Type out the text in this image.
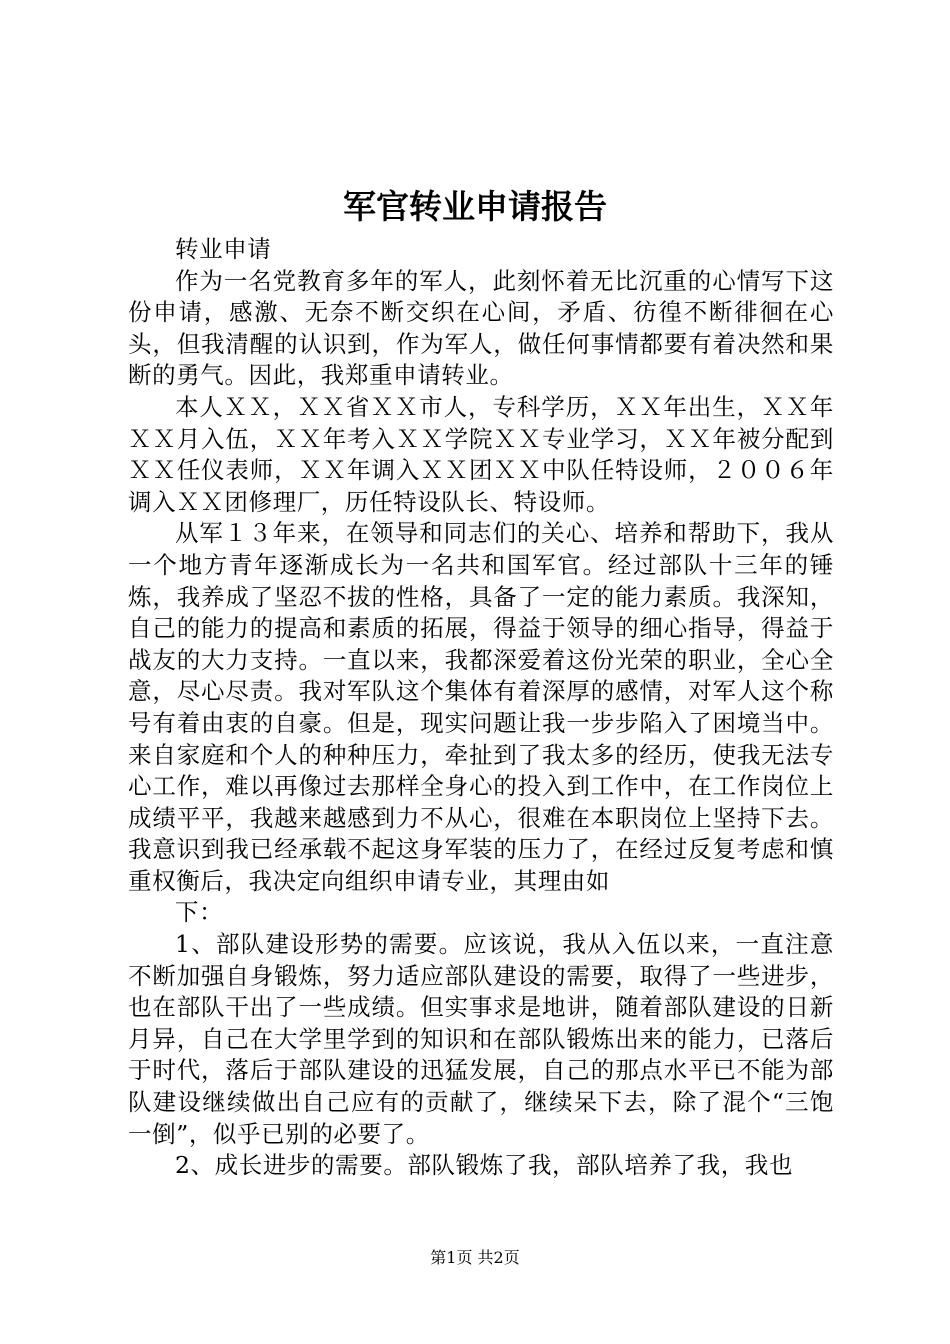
军官转业申请报告

转业申请

作为一名党教育多年的军人，此刻怀着无比沉重的心情写下这份申请，感激、无奈不断交织在心间，矛盾、彷徨不断徘徊在心头，但我清醒的认识到，作为军人，做任何事情都要有着决然和果断的勇气。因此，我郑重申请转业。

本人ＸＸ，ＸＸ省ＸＸ市人，专科学历，ＸＸ年出生，ＸＸ年ＸＸ月入伍，ＸＸ年考入ＸＸ学院ＸＸ专业学习，ＸＸ年被分配到ＸＸ任仪表师，ＸＸ年调入ＸＸ团ＸＸ中队任特设师，２００６年调入ＸＸ团修理厂，历任特设队长、特设师。

从军１３年来，在领导和同志们的关心、培养和帮助下，我从一个地方青年逐渐成长为一名共和国军官。经过部队十三年的锤炼，我养成了坚忍不拔的性格，具备了一定的能力素质。我深知，自己的能力的提高和素质的拓展，得益于领导的细心指导，得益于战友的大力支持。一直以来，我都深爱着这份光荣的职业，全心全意，尽心尽责。我对军队这个集体有着深厚的感情，对军人这个称号有着由衷的自豪。但是，现实问题让我一步步陷入了困境当中。来自家庭和个人的种种压力，牵扯到了我太多的经历，使我无法专心工作，难以再像过去那样全身心的投入到工作中，在工作岗位上成绩平平，我越来越感到力不从心，很难在本职岗位上坚持下去。我意识到我已经承载不起这身军装的压力了，在经过反复考虑和慎重权衡后，我决定向组织申请专业，其理由如

下：

1、部队建设形势的需要。应该说，我从入伍以来，一直注意不断加强自身锻炼，努力适应部队建设的需要，取得了一些进步，也在部队干出了一些成绩。但实事求是地讲，随着部队建设的日新月异，自己在大学里学到的知识和在部队锻炼出来的能力，已落后于时代，落后于部队建设的迅猛发展，自己的那点水平已不能为部队建设继续做出自己应有的贡献了，继续呆下去，除了混个“三饱一倒”，似乎已别的必要了。

2、成长进步的需要。部队锻炼了我，部队培养了我，我也

第1页 共2页
